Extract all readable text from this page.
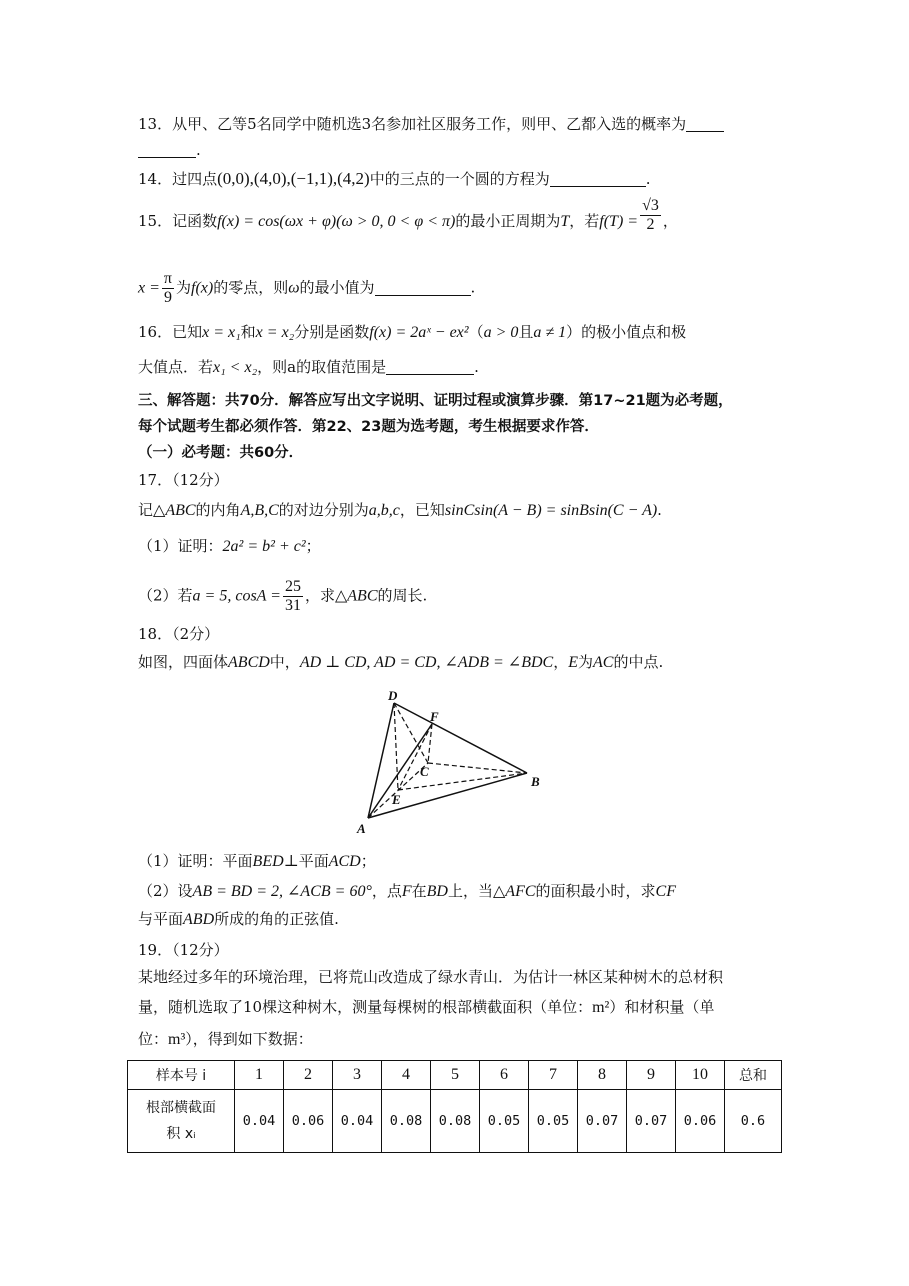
13．从甲、乙等5名同学中随机选3名参加社区服务工作，则甲、乙都入选的概率为
.
14．过四点(0,0),(4,0),(−1,1),(4,2)中的三点的一个圆的方程为	.
15．记函数f(x) = cos(ωx + φ)(ω > 0, 0 < φ < π)的最小正周期为T，若$f(T) = \frac{√3}{2}$ ，
$x = \frac{\pi}{9}$ 为f(x)的零点，则ω的最小值为	.
16．已知x = x₁和x = x₂分别是函数f(x) = 2aˣ − ex²（a > 0且a ≠ 1）的极小值点和极
大值点．若x₁ < x₂，则a的取值范围是	.
三、解答题：共70分．解答应写出文字说明、证明过程或演算步骤．第17~21题为必考题，
每个试题考生都必须作答．第22、23题为选考题，考生根据要求作答．
（一）必考题：共60分．
17．（12分）
记△ABC的内角A,B,C的对边分别为a,b,c，已知sinCsin(A − B) = sinBsin(C − A).
（1）证明：2a² = b² + c²；
（2）若a = 5, $\cos A = \frac{25}{31}$ ，求△ABC的周长.
18．（2分）
如图，四面体ABCD中，AD ⊥ CD, AD = CD, ∠ADB = ∠BDC，E为AC的中点.
D
F
C
B
E
A
（1）证明：平面BED⊥平面ACD；
（2）设AB = BD = 2, ∠ACB = 60°，点F在BD上，当△AFC的面积最小时，求CF
与平面ABD所成的角的正弦值.
19．（12分）
某地经过多年的环境治理，已将荒山改造成了绿水青山．为估计一林区某种树木的总材积
量，随机选取了10棵这种树木，测量每棵树的根部横截面积（单位：m²）和材积量（单
位：m³），得到如下数据：
样本号 i	1	2	3	4	5	6	7	8	9	10	总和

根部横截面
积 xᵢ	0.04	0.06	0.04	0.08	0.08	0.05	0.05	0.07	0.07	0.06	0.6
